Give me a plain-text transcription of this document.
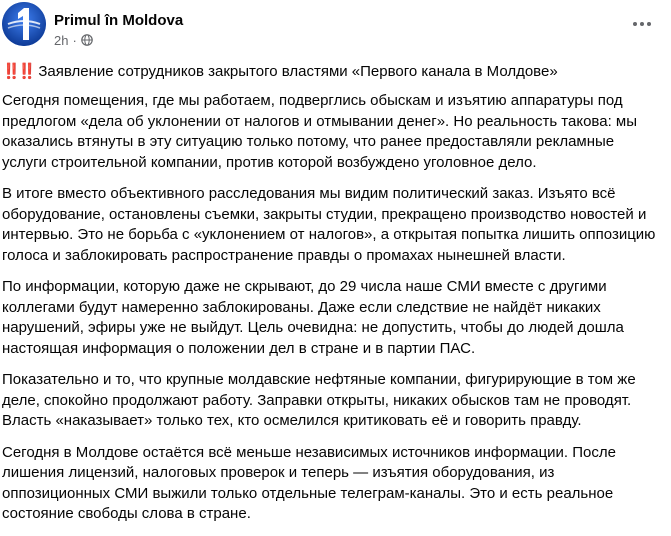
Primul în Moldova
2h ·
‼️‼️ Заявление сотрудников закрытого властями «Первого канала в Молдове»

Сегодня помещения, где мы работаем, подверглись обыскам и изъятию аппаратуры под предлогом «дела об уклонении от налогов и отмывании денег». Но реальность такова: мы оказались втянуты в эту ситуацию только потому, что ранее предоставляли рекламные услуги строительной компании, против которой возбуждено уголовное дело.

В итоге вместо объективного расследования мы видим политический заказ. Изъято всё оборудование, остановлены съемки, закрыты студии, прекращено производство новостей и интервью. Это не борьба с «уклонением от налогов», а открытая попытка лишить оппозицию голоса и заблокировать распространение правды о промахах нынешней власти.

По информации, которую даже не скрывают, до 29 числа наше СМИ вместе с другими коллегами будут намеренно заблокированы. Даже если следствие не найдёт никаких нарушений, эфиры уже не выйдут. Цель очевидна: не допустить, чтобы до людей дошла настоящая информация о положении дел в стране и в партии ПАС.

Показательно и то, что крупные молдавские нефтяные компании, фигурирующие в том же деле, спокойно продолжают работу. Заправки открыты, никаких обысков там не проводят. Власть «наказывает» только тех, кто осмелился критиковать её и говорить правду.

Сегодня в Молдове остаётся всё меньше независимых источников информации. После лишения лицензий, налоговых проверок и теперь — изъятия оборудования, из оппозиционных СМИ выжили только отдельные телеграм-каналы. Это и есть реальное состояние свободы слова в стране.
